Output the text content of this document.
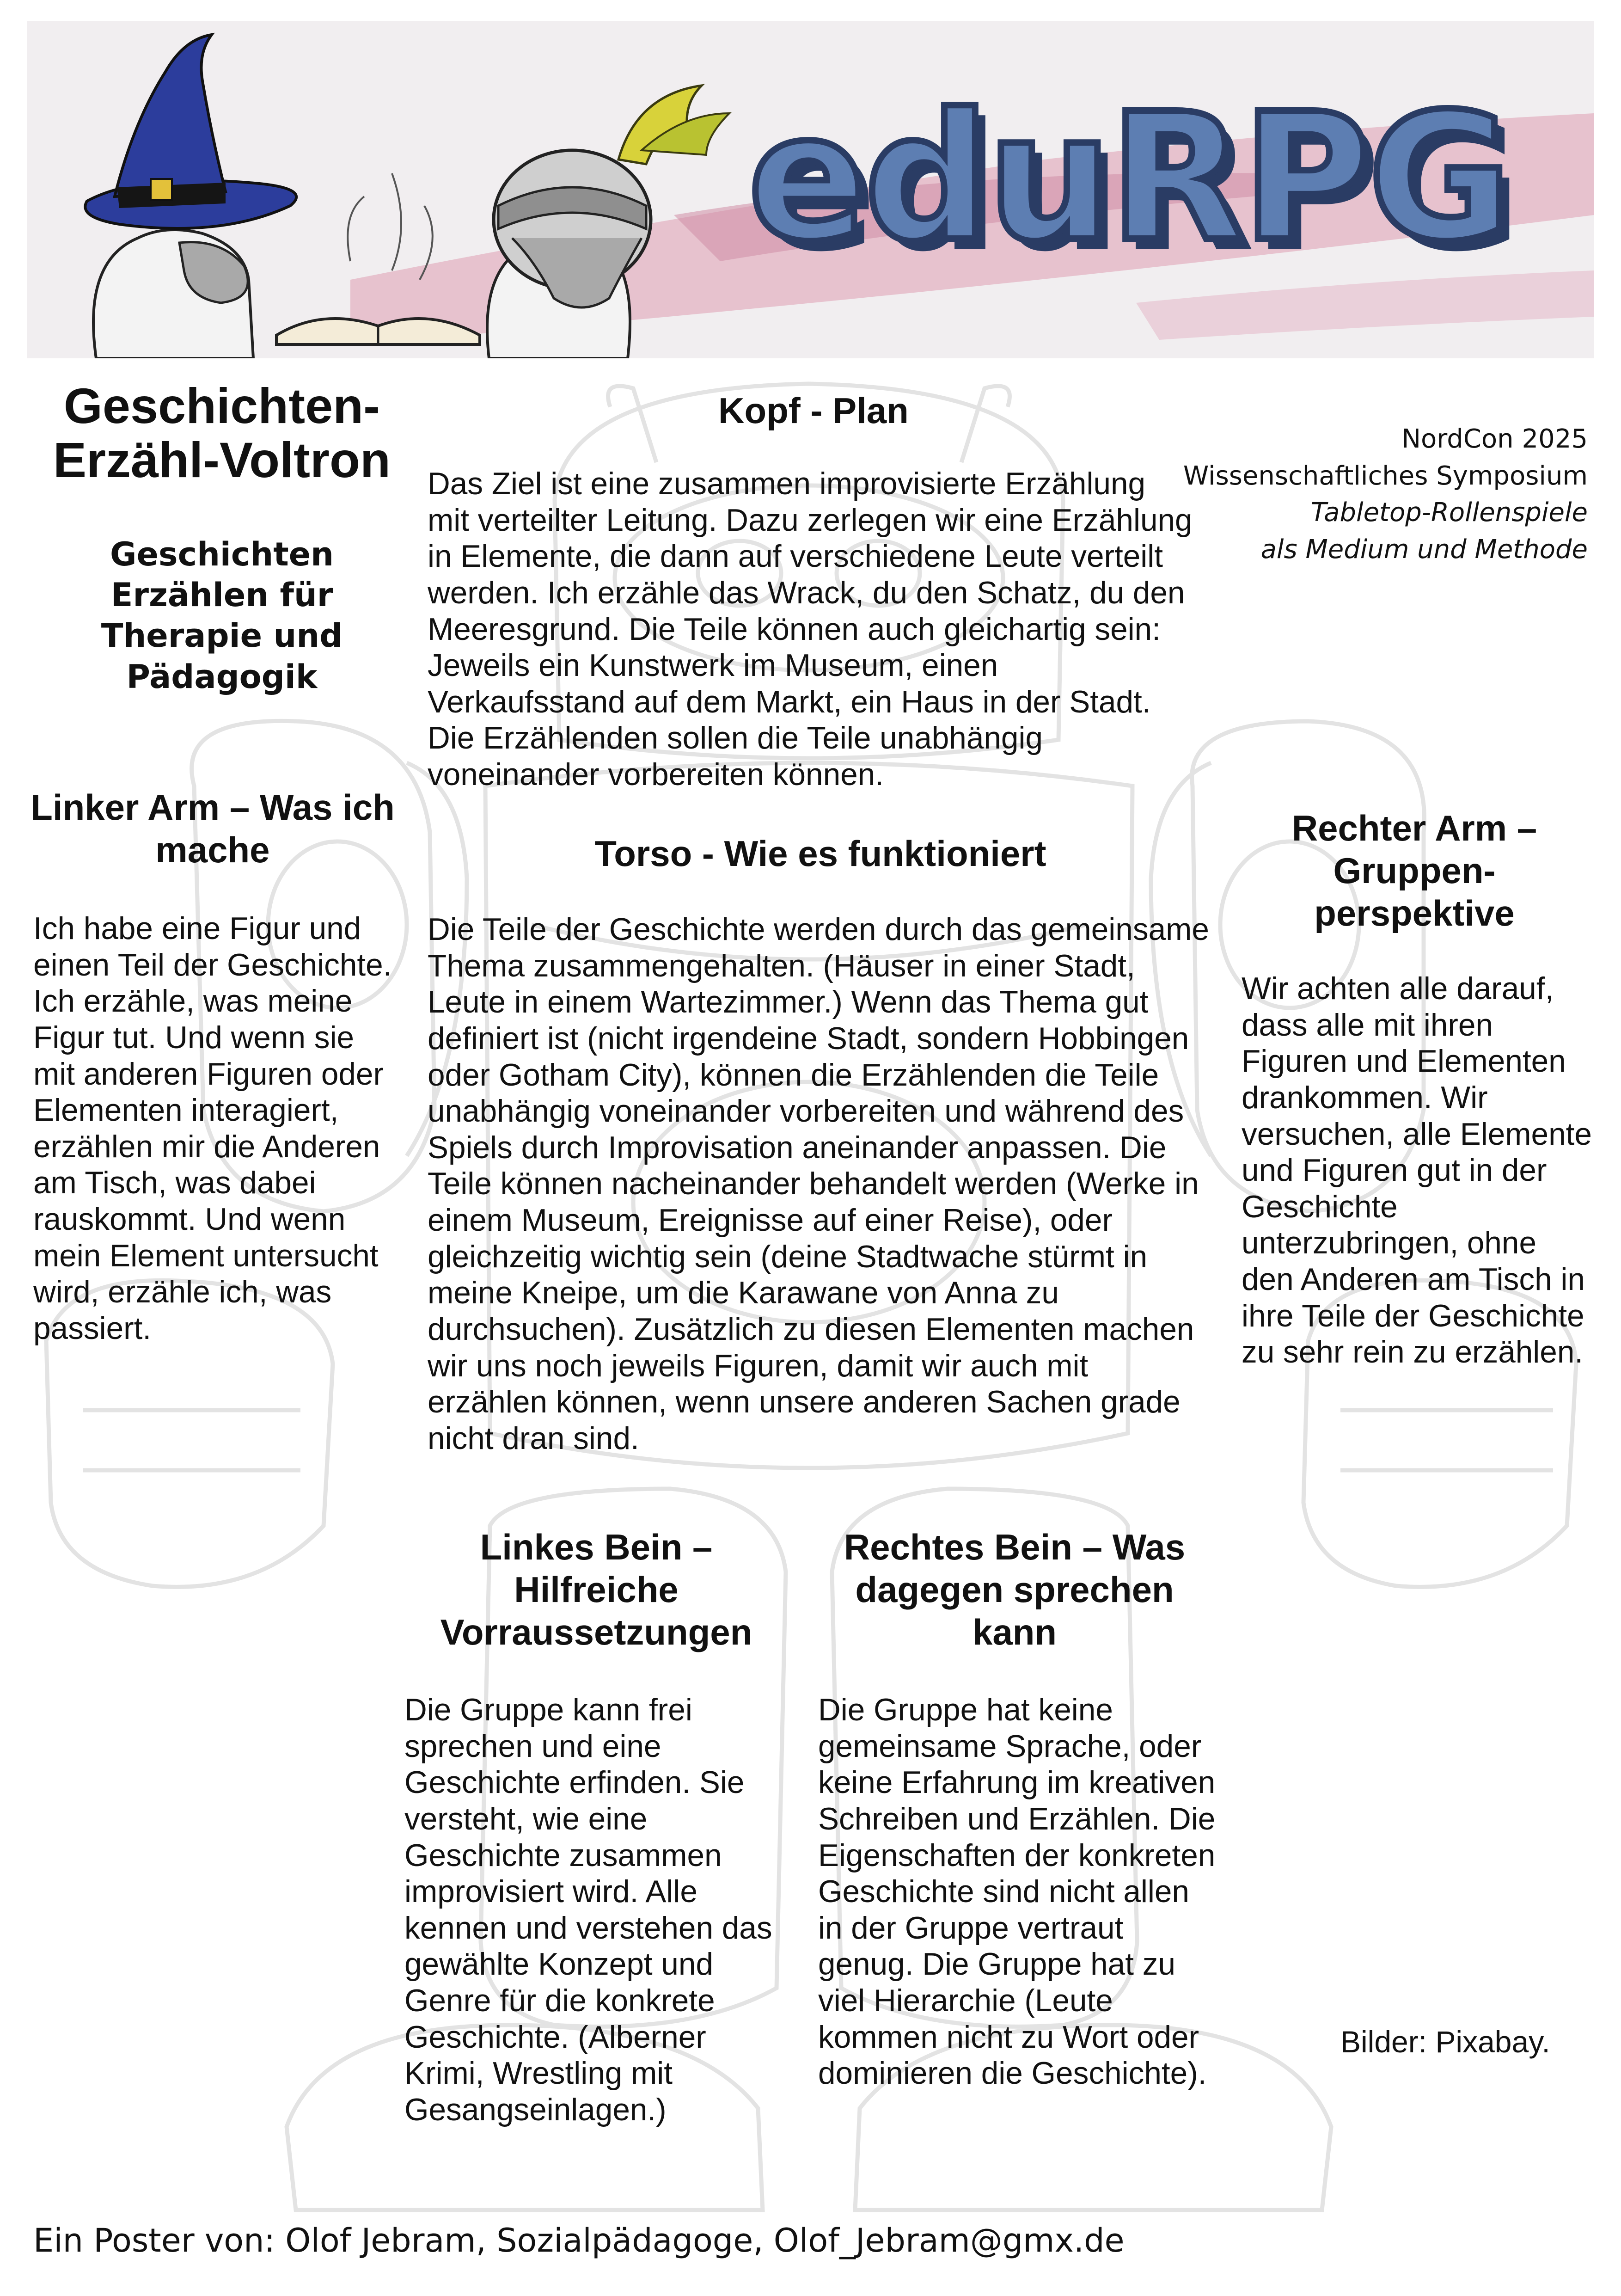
eduRPG
Geschichten-Erzähl-Voltron
Geschichten Erzählen für Therapie und Pädagogik

NordCon 2025

Wissenschaftliches Symposium

Tabletop-Rollenspiele

als Medium und Methode

Kopf - Plan
Das Ziel ist eine zusammen improvisierte Erzählung mit verteilter Leitung. Dazu zerlegen wir eine Erzählung in Elemente, die dann auf verschiedene Leute verteilt werden. Ich erzähle das Wrack, du den Schatz, du den Meeresgrund. Die Teile können auch gleichartig sein: Jeweils ein Kunstwerk im Museum, einen Verkaufsstand auf dem Markt, ein Haus in der Stadt. Die Erzählenden sollen die Teile unabhängig voneinander vorbereiten können.
Linker Arm – Was ich mache
Ich habe eine Figur und einen Teil der Geschichte. Ich erzähle, was meine Figur tut. Und wenn sie mit anderen Figuren oder Elementen interagiert, erzählen mir die Anderen am Tisch, was dabei rauskommt. Und wenn mein Element untersucht wird, erzähle ich, was passiert.
Torso - Wie es funktioniert
Die Teile der Geschichte werden durch das gemeinsame Thema zusammengehalten. (Häuser in einer Stadt, Leute in einem Wartezimmer.) Wenn das Thema gut definiert ist (nicht irgendeine Stadt, sondern Hobbingen oder Gotham City), können die Erzählenden die Teile unabhängig voneinander vorbereiten und während des Spiels durch Improvisation aneinander anpassen. Die Teile können nacheinander behandelt werden (Werke in einem Museum, Ereignisse auf einer Reise), oder gleichzeitig wichtig sein (deine Stadtwache stürmt in meine Kneipe, um die Karawane von Anna zu durchsuchen). Zusätzlich zu diesen Elementen machen wir uns noch jeweils Figuren, damit wir auch mit erzählen können, wenn unsere anderen Sachen grade nicht dran sind.
Rechter Arm – Gruppen-perspektive
Wir achten alle darauf, dass alle mit ihren Figuren und Elementen drankommen. Wir versuchen, alle Elemente und Figuren gut in der Geschichte unterzubringen, ohne den Anderen am Tisch in ihre Teile der Geschichte zu sehr rein zu erzählen.
Linkes Bein – Hilfreiche Vorraussetzungen
Die Gruppe kann frei sprechen und eine Geschichte erfinden. Sie versteht, wie eine Geschichte zusammen improvisiert wird. Alle kennen und verstehen das gewählte Konzept und Genre für die konkrete Geschichte. (Alberner Krimi, Wrestling mit Gesangseinlagen.)
Rechtes Bein – Was dagegen sprechen kann
Die Gruppe hat keine gemeinsame Sprache, oder keine Erfahrung im kreativen Schreiben und Erzählen. Die Eigenschaften der konkreten Geschichte sind nicht allen in der Gruppe vertraut genug. Die Gruppe hat zu viel Hierarchie (Leute kommen nicht zu Wort oder dominieren die Geschichte).
Bilder: Pixabay.
Ein Poster von: Olof Jebram, Sozialpädagoge, Olof_Jebram@gmx.de
